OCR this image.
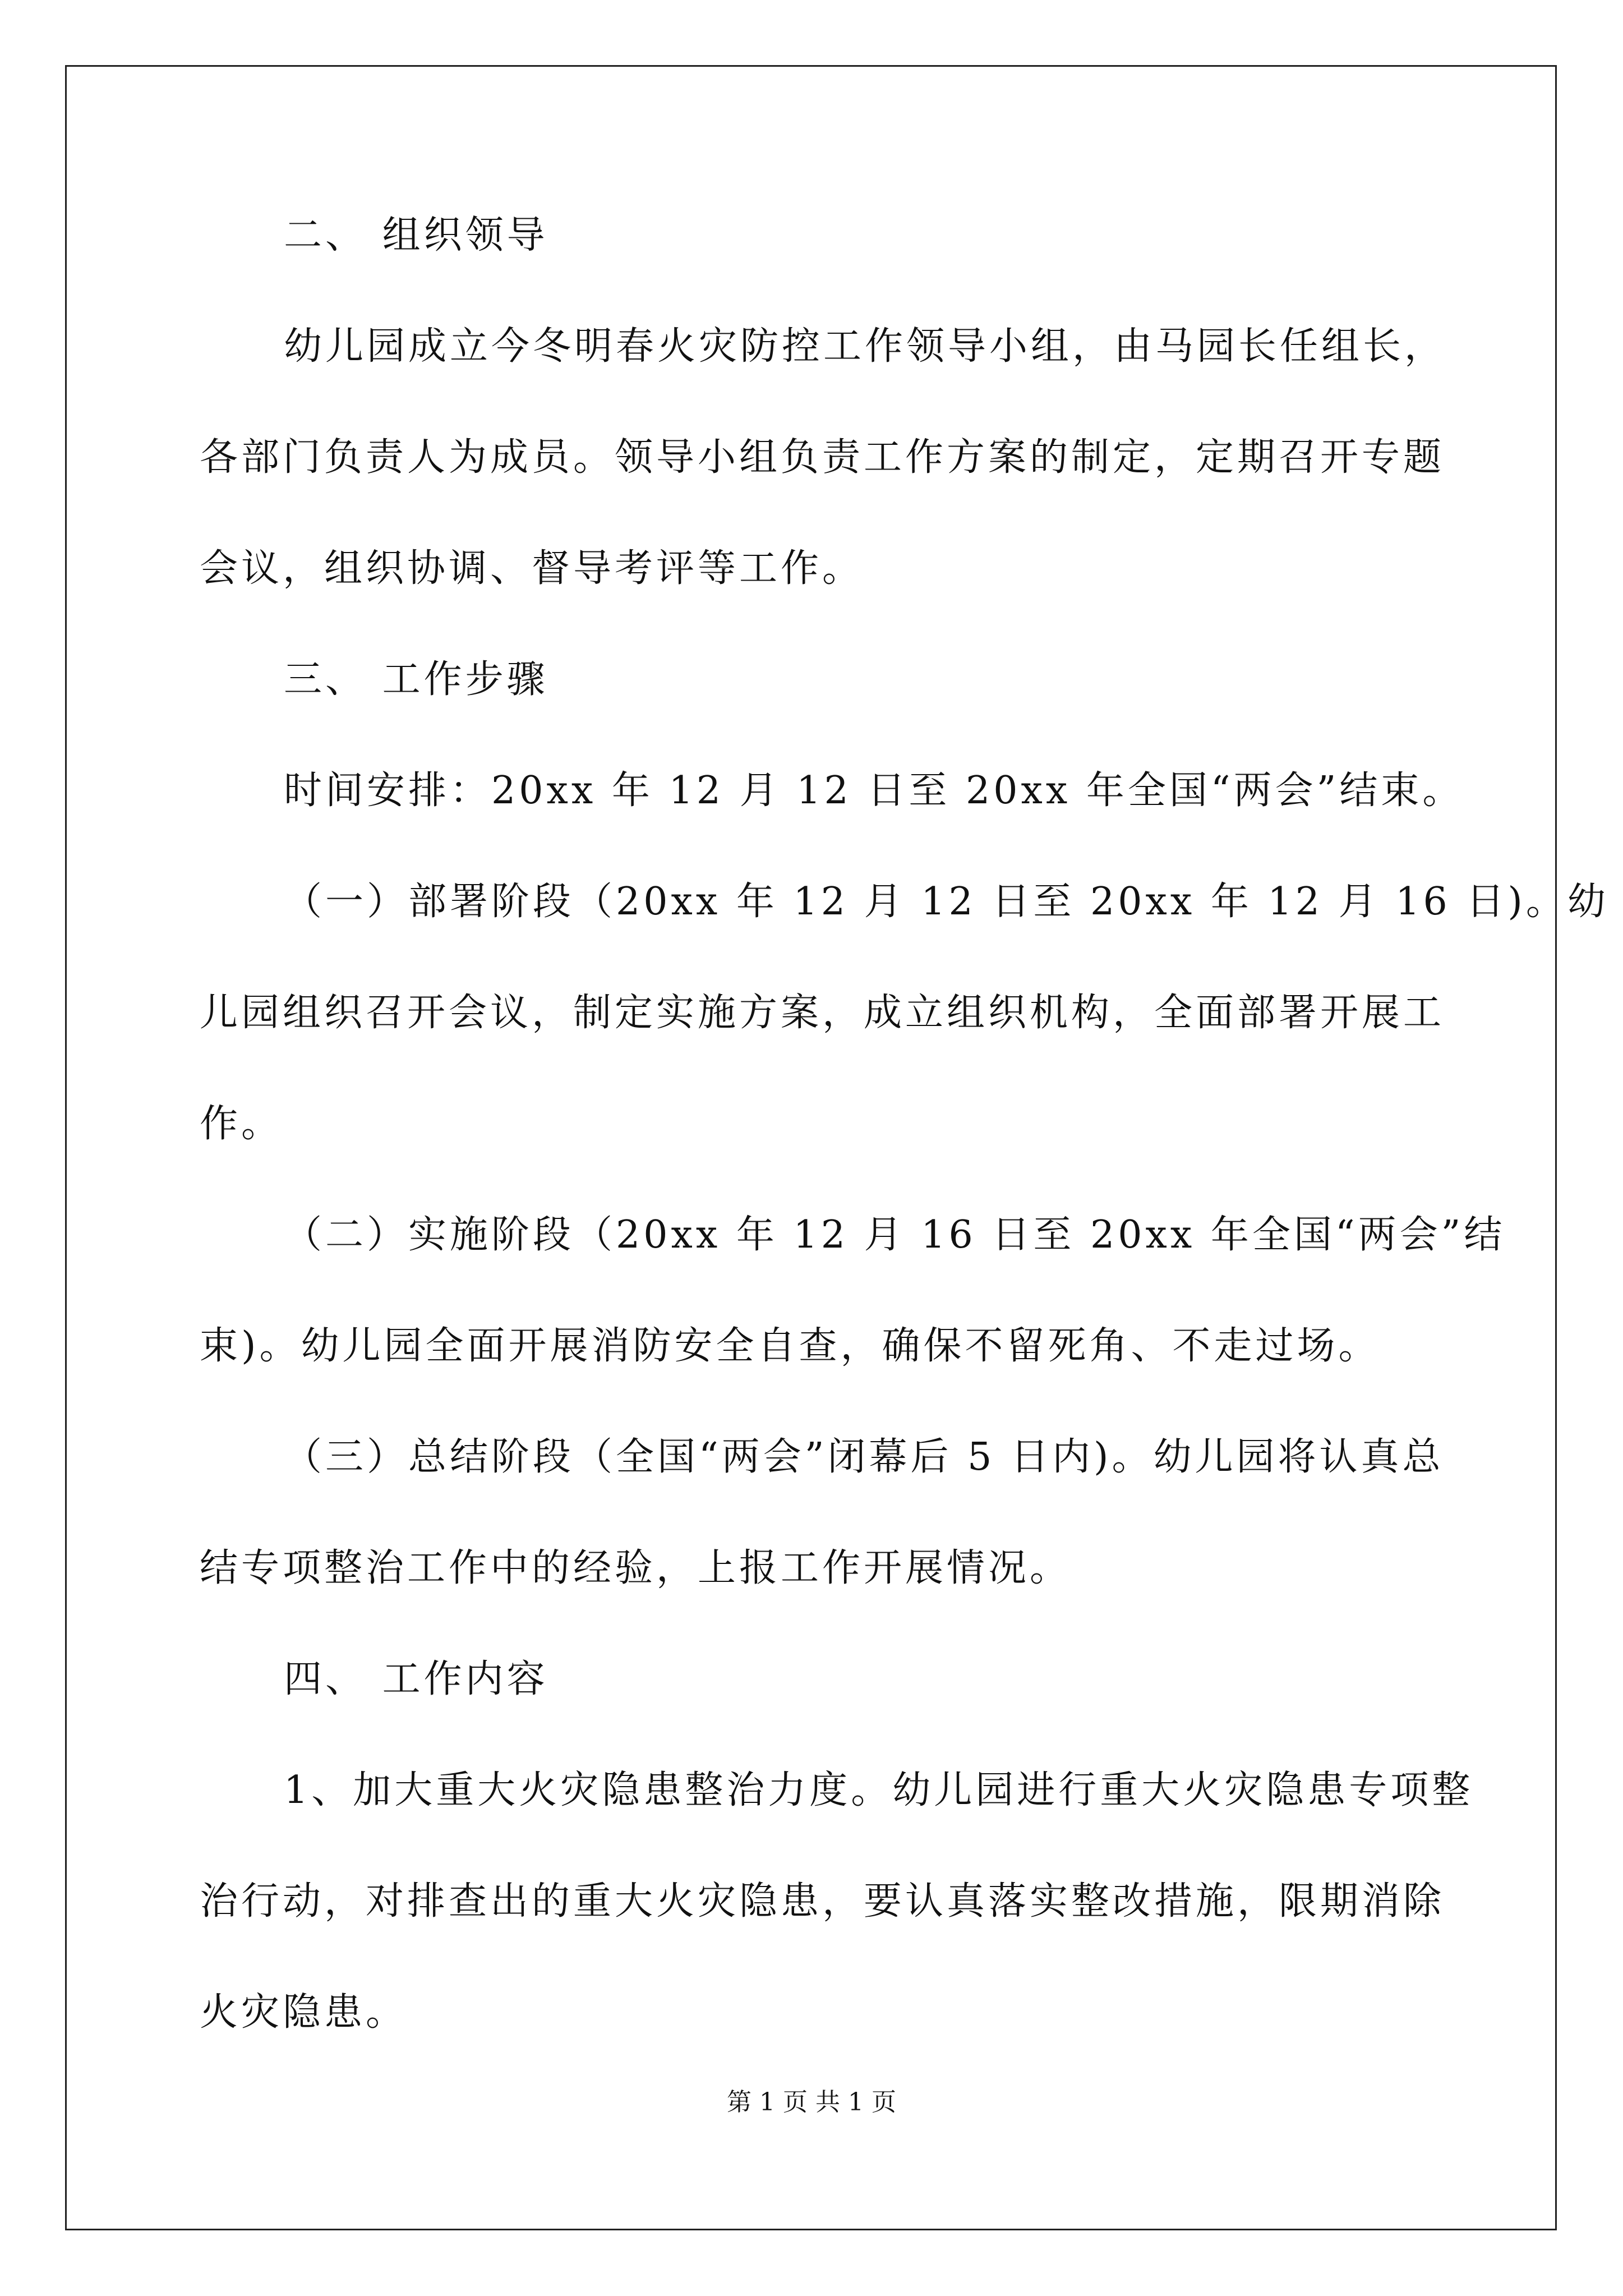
二、 组织领导
幼儿园成立今冬明春火灾防控工作领导小组，由马园长任组长，
各部门负责人为成员。领导小组负责工作方案的制定，定期召开专题
会议，组织协调、督导考评等工作。
三、 工作步骤
时间安排：20xx 年 12 月 12 日至 20xx 年全国“两会”结束。
（一）部署阶段（20xx 年 12 月 12 日至 20xx 年 12 月 16 日)。幼
儿园组织召开会议，制定实施方案，成立组织机构，全面部署开展工
作。
（二）实施阶段（20xx 年 12 月 16 日至 20xx 年全国“两会”结
束)。幼儿园全面开展消防安全自查，确保不留死角、不走过场。
（三）总结阶段（全国“两会”闭幕后 5 日内)。幼儿园将认真总
结专项整治工作中的经验，上报工作开展情况。
四、 工作内容
1、加大重大火灾隐患整治力度。幼儿园进行重大火灾隐患专项整
治行动，对排查出的重大火灾隐患，要认真落实整改措施，限期消除
火灾隐患。
第 1 页 共 1 页
